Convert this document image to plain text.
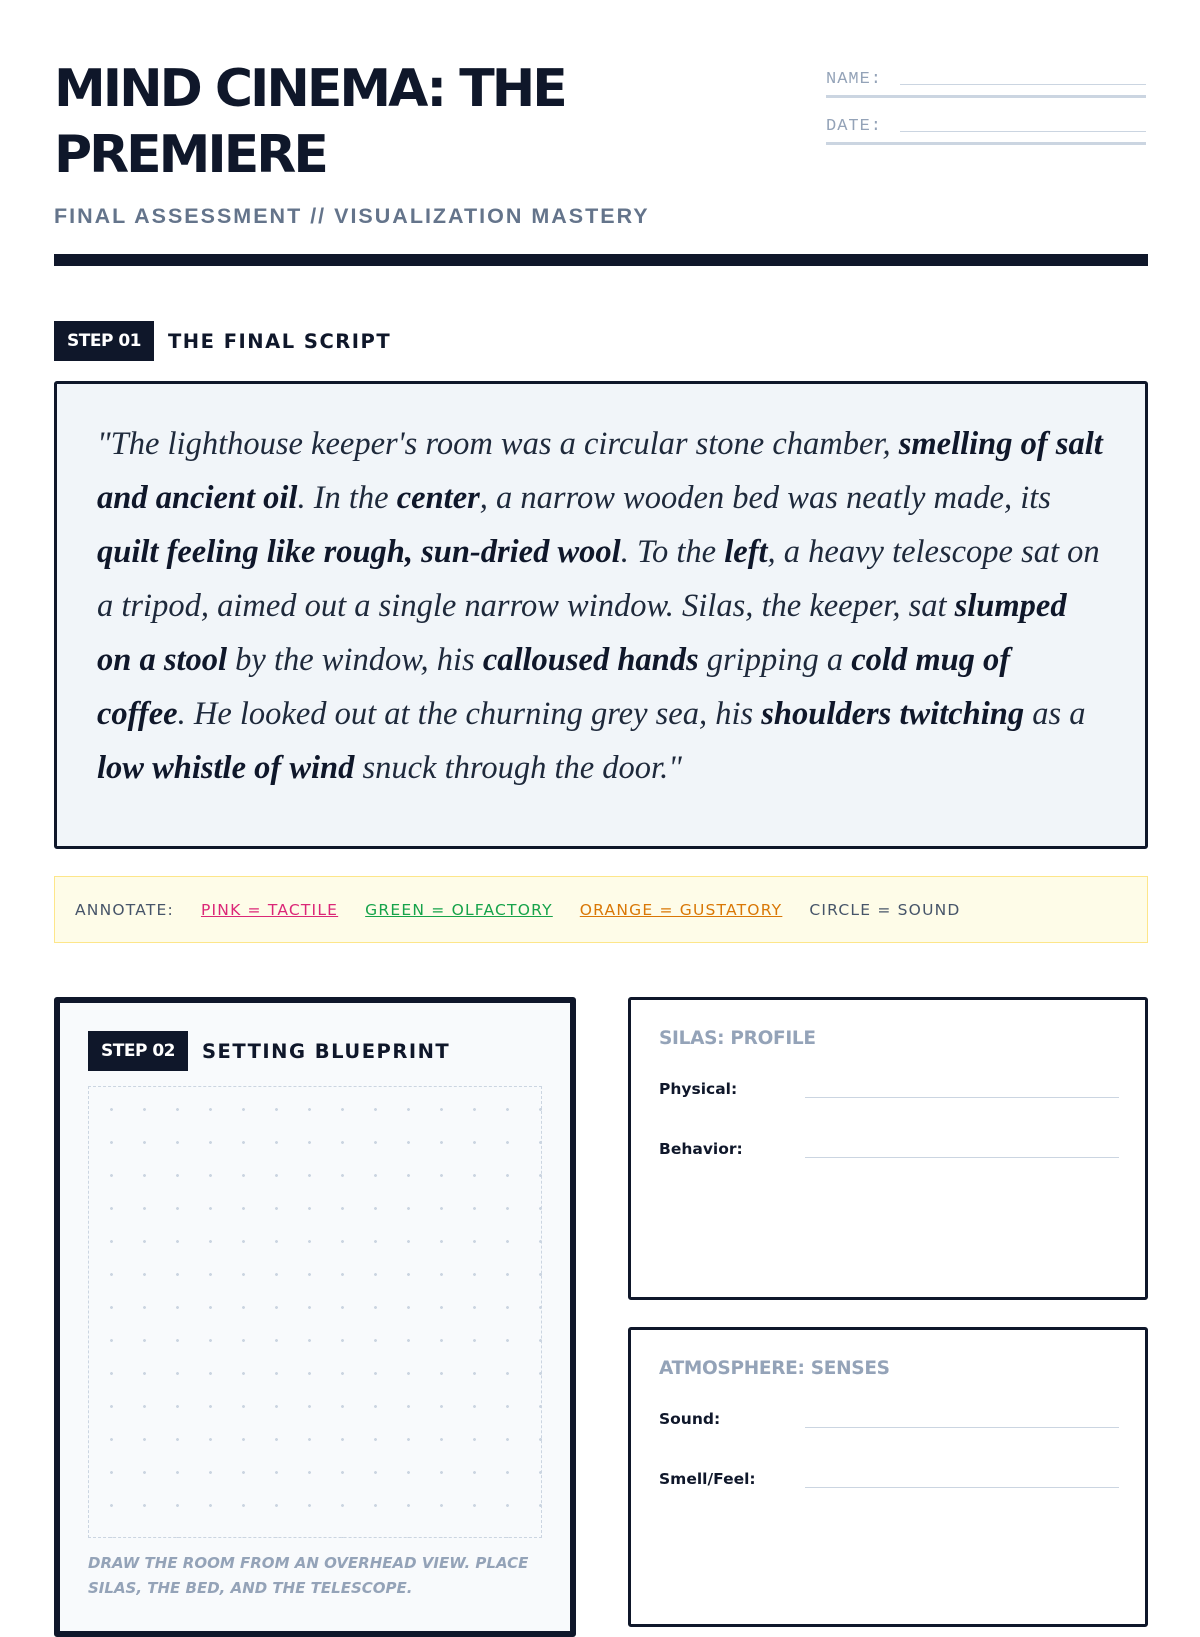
MIND CINEMA: THE PREMIERE
FINAL ASSESSMENT // VISUALIZATION MASTERY
NAME:
DATE:
STEP 01	THE FINAL SCRIPT

"The lighthouse keeper's room was a circular stone chamber, smelling of salt and ancient oil. In the center, a narrow wooden bed was neatly made, its quilt feeling like rough, sun-dried wool. To the left, a heavy telescope sat on a tripod, aimed out a single narrow window. Silas, the keeper, sat slumped on a stool by the window, his calloused hands gripping a cold mug of coffee. He looked out at the churning grey sea, his shoulders twitching as a low whistle of wind snuck through the door."

ANNOTATE: PINK = TACTILE GREEN = OLFACTORY ORANGE = GUSTATORY CIRCLE = SOUND
STEP 02	SETTING BLUEPRINT
DRAW THE ROOM FROM AN OVERHEAD VIEW. PLACE SILAS, THE BED, AND THE TELESCOPE.
SILAS: PROFILE
Physical:
Behavior:
ATMOSPHERE: SENSES
Sound:
Smell/Feel:
